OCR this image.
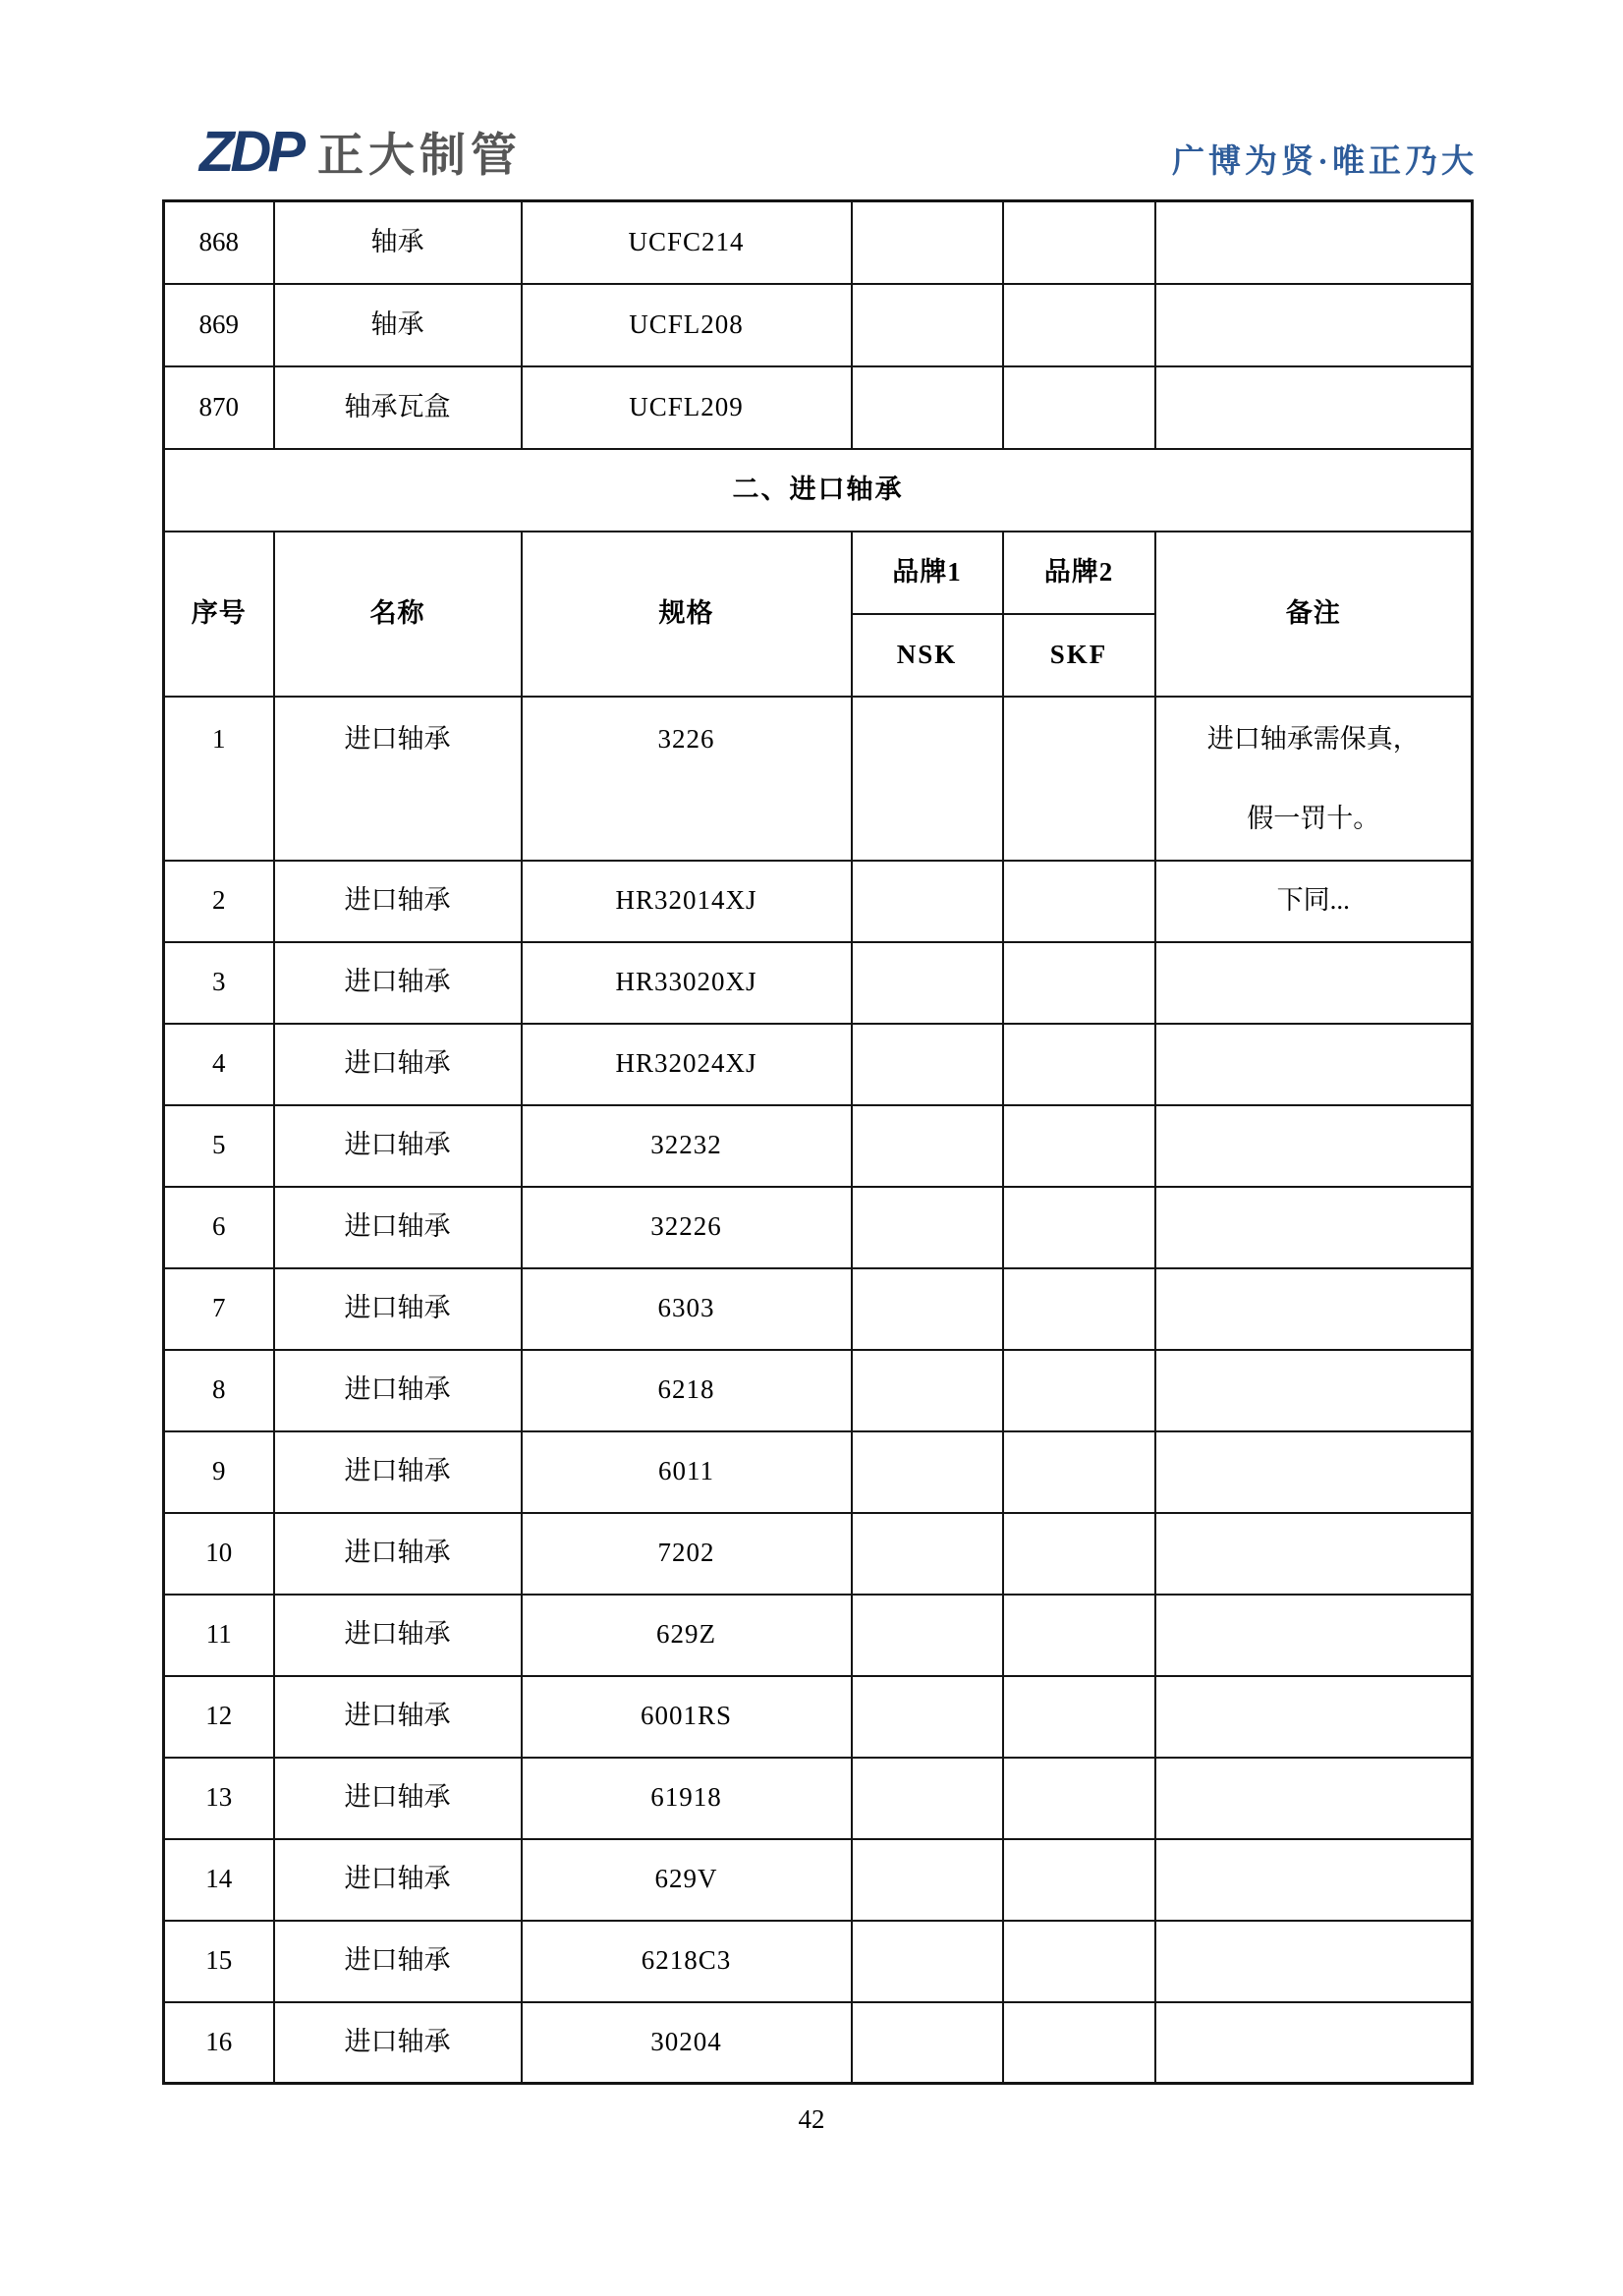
ZDP 正大制管	广博为贤·唯正乃大
868	轴承	UCFC214			
869	轴承	UCFL208			
870	轴承瓦盒	UCFL209			
二、进口轴承					
序号	名称	规格	品牌1	品牌2	备注
			NSK	SKF	
1	进口轴承	3226			进口轴承需保真，
假一罚十。

2	进口轴承	HR32014XJ			下同...

3	进口轴承	HR33020XJ			
4	进口轴承	HR32024XJ			
5	进口轴承	32232			
6	进口轴承	32226			
7	进口轴承	6303			
8	进口轴承	6218			
9	进口轴承	6011			
10	进口轴承	7202			
11	进口轴承	629Z			
12	进口轴承	6001RS			
13	进口轴承	61918			
14	进口轴承	629V			
15	进口轴承	6218C3			
16	进口轴承	30204			
42
